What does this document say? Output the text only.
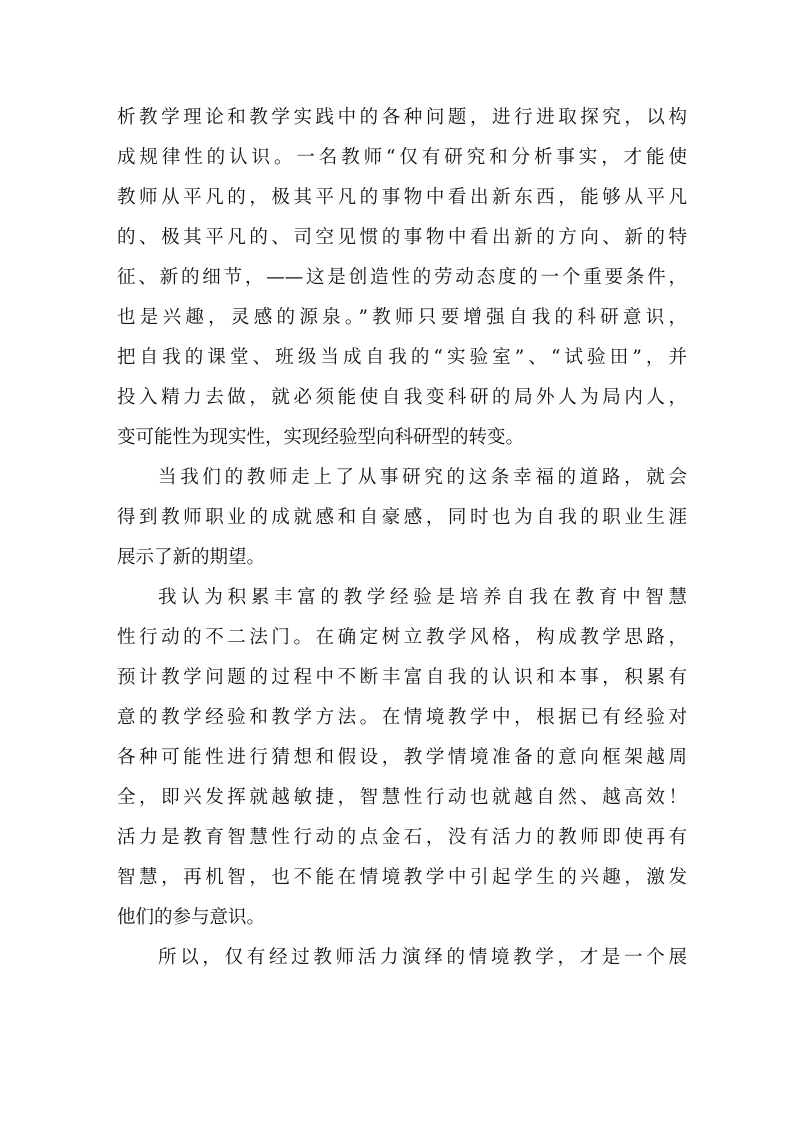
析教学理论和教学实践中的各种问题，进行进取探究，以构
成规律性的认识。一名教师“仅有研究和分析事实，才能使
教师从平凡的，极其平凡的事物中看出新东西，能够从平凡
的、极其平凡的、司空见惯的事物中看出新的方向、新的特
征、新的细节，——这是创造性的劳动态度的一个重要条件，
也是兴趣，灵感的源泉。”教师只要增强自我的科研意识，
把自我的课堂、班级当成自我的“实验室”、“试验田”，并
投入精力去做，就必须能使自我变科研的局外人为局内人，
变可能性为现实性，实现经验型向科研型的转变。
当我们的教师走上了从事研究的这条幸福的道路，就会
得到教师职业的成就感和自豪感，同时也为自我的职业生涯
展示了新的期望。
我认为积累丰富的教学经验是培养自我在教育中智慧
性行动的不二法门。在确定树立教学风格，构成教学思路，
预计教学问题的过程中不断丰富自我的认识和本事，积累有
意的教学经验和教学方法。在情境教学中，根据已有经验对
各种可能性进行猜想和假设，教学情境准备的意向框架越周
全，即兴发挥就越敏捷，智慧性行动也就越自然、越高效！
活力是教育智慧性行动的点金石，没有活力的教师即使再有
智慧，再机智，也不能在情境教学中引起学生的兴趣，激发
他们的参与意识。
所以，仅有经过教师活力演绎的情境教学，才是一个展
